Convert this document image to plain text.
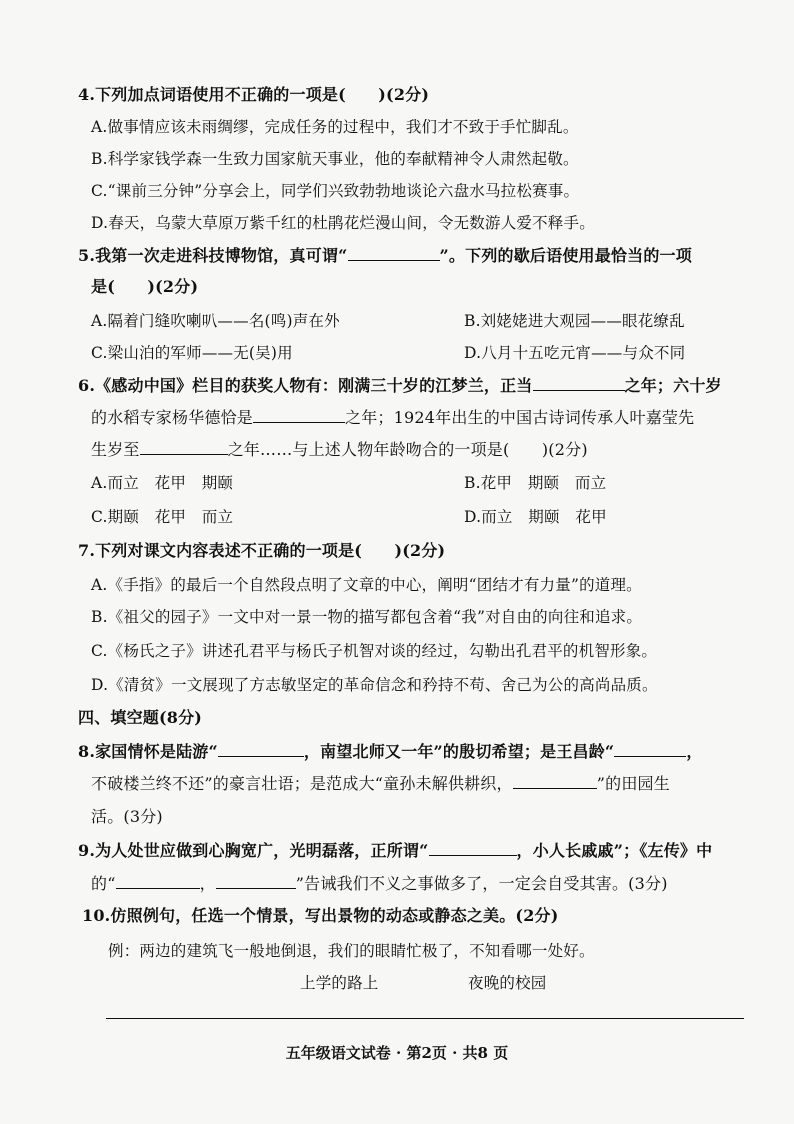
4.下列加点词语使用不正确的一项是(　　)(2分)
A.做事情应该未雨绸缪，完成任务的过程中，我们才不致于手忙脚乱。
B.科学家钱学森一生致力国家航天事业，他的奉献精神令人肃然起敬。
C.“课前三分钟”分享会上，同学们兴致勃勃地谈论六盘水马拉松赛事。
D.春天，乌蒙大草原万紫千红的杜鹃花烂漫山间，令无数游人爱不释手。
5.我第一次走进科技博物馆，真可谓“	”。下列的歇后语使用最恰当的一项
是(　　)(2分)
A.隔着门缝吹喇叭——名(鸣)声在外	B.刘姥姥进大观园——眼花缭乱
C.梁山泊的军师——无(吴)用	D.八月十五吃元宵——与众不同
6.《感动中国》栏目的获奖人物有：刚满三十岁的江梦兰，正当	之年；六十岁
的水稻专家杨华德恰是	之年；1924年出生的中国古诗词传承人叶嘉莹先
生岁至	之年……与上述人物年龄吻合的一项是(　　)(2分)
A.而立　花甲　期颐	B.花甲　期颐　而立
C.期颐　花甲　而立	D.而立　期颐　花甲
7.下列对课文内容表述不正确的一项是(　　)(2分)
A.《手指》的最后一个自然段点明了文章的中心，阐明“团结才有力量”的道理。
B.《祖父的园子》一文中对一景一物的描写都包含着“我”对自由的向往和追求。
C.《杨氏之子》讲述孔君平与杨氏子机智对谈的经过，勾勒出孔君平的机智形象。
D.《清贫》一文展现了方志敏坚定的革命信念和矜持不苟、舍己为公的高尚品质。
四、填空题(8分)
8.家国情怀是陆游“	，南望北师又一年”的殷切希望；是王昌龄“	，
不破楼兰终不还”的豪言壮语；是范成大“童孙未解供耕织，	”的田园生
活。(3分)
9.为人处世应做到心胸宽广，光明磊落，正所谓“	，小人长戚戚”；《左传》中
的“	，	”告诫我们不义之事做多了，一定会自受其害。(3分)
10.仿照例句，任选一个情景，写出景物的动态或静态之美。(2分)
例：两边的建筑飞一般地倒退，我们的眼睛忙极了，不知看哪一处好。
上学的路上	夜晚的校园
五年级语文试卷 · 第2页 · 共8 页
